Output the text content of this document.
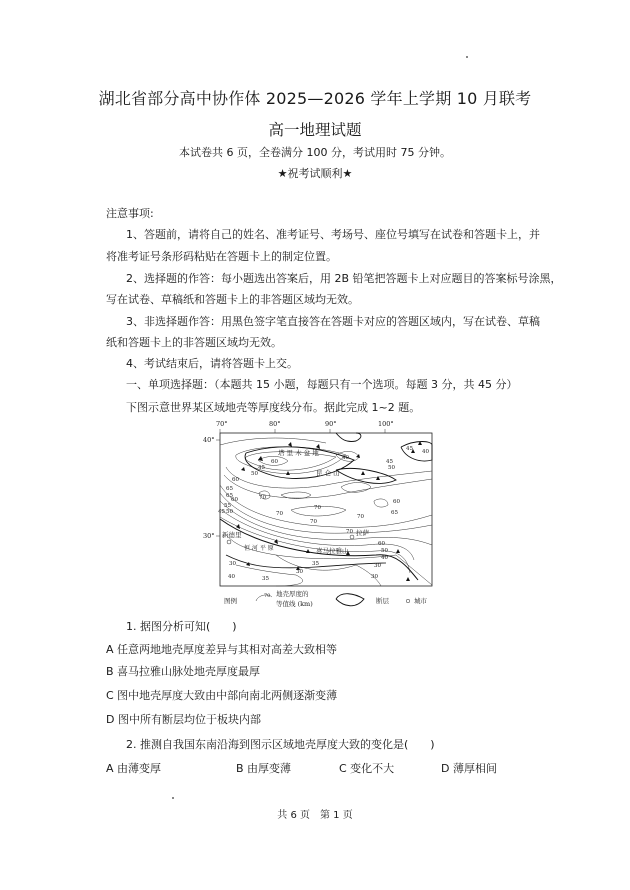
湖北省部分高中协作体 2025—2026 学年上学期 10 月联考
高一地理试题
本试卷共 6 页，全卷满分 100 分，考试用时 75 分钟。
★祝考试顺利★
注意事项:
1、答题前，请将自己的姓名、准考证号、考场号、座位号填写在试卷和答题卡上，并
将准考证号条形码粘贴在答题卡上的制定位置。
2、选择题的作答：每小题选出答案后，用 2B 铅笔把答题卡上对应题目的答案标号涂黑，
写在试卷、草稿纸和答题卡上的非答题区域均无效。
3、非选择题作答：用黑色签字笔直接答在答题卡对应的答题区域内，写在试卷、草稿
纸和答题卡上的非答题区域均无效。
4、考试结束后，请将答题卡上交。
一、单项选择题：（本题共 15 小题，每题只有一个选项。每题 3 分，共 45 分）
下图示意世界某区域地壳等厚度线分布。据此完成 1~2 题。
70°	80°	90°	100°
40°
30°
45 40
60
45
50
40
45
50
60
65
65
60
55
45 50
70
70
70
70
70
70
60
65
60
50
40
35
30
30
40	35
30
30
塔 里 木 盆 地
昆 仑 山
新德里
恒 河 平 原	喜马拉雅山
拉萨
图例
70 地壳厚度的
等值线 (km)	断层	城市
1. 据图分析可知(　　)
A 任意两地地壳厚度差异与其相对高差大致相等
B 喜马拉雅山脉处地壳厚度最厚
C 图中地壳厚度大致由中部向南北两侧逐渐变薄
D 图中所有断层均位于板块内部
2. 推测自我国东南沿海到图示区域地壳厚度大致的变化是(　　)
A 由薄变厚	B 由厚变薄	C 变化不大	D 薄厚相间
共 6 页　第 1 页
